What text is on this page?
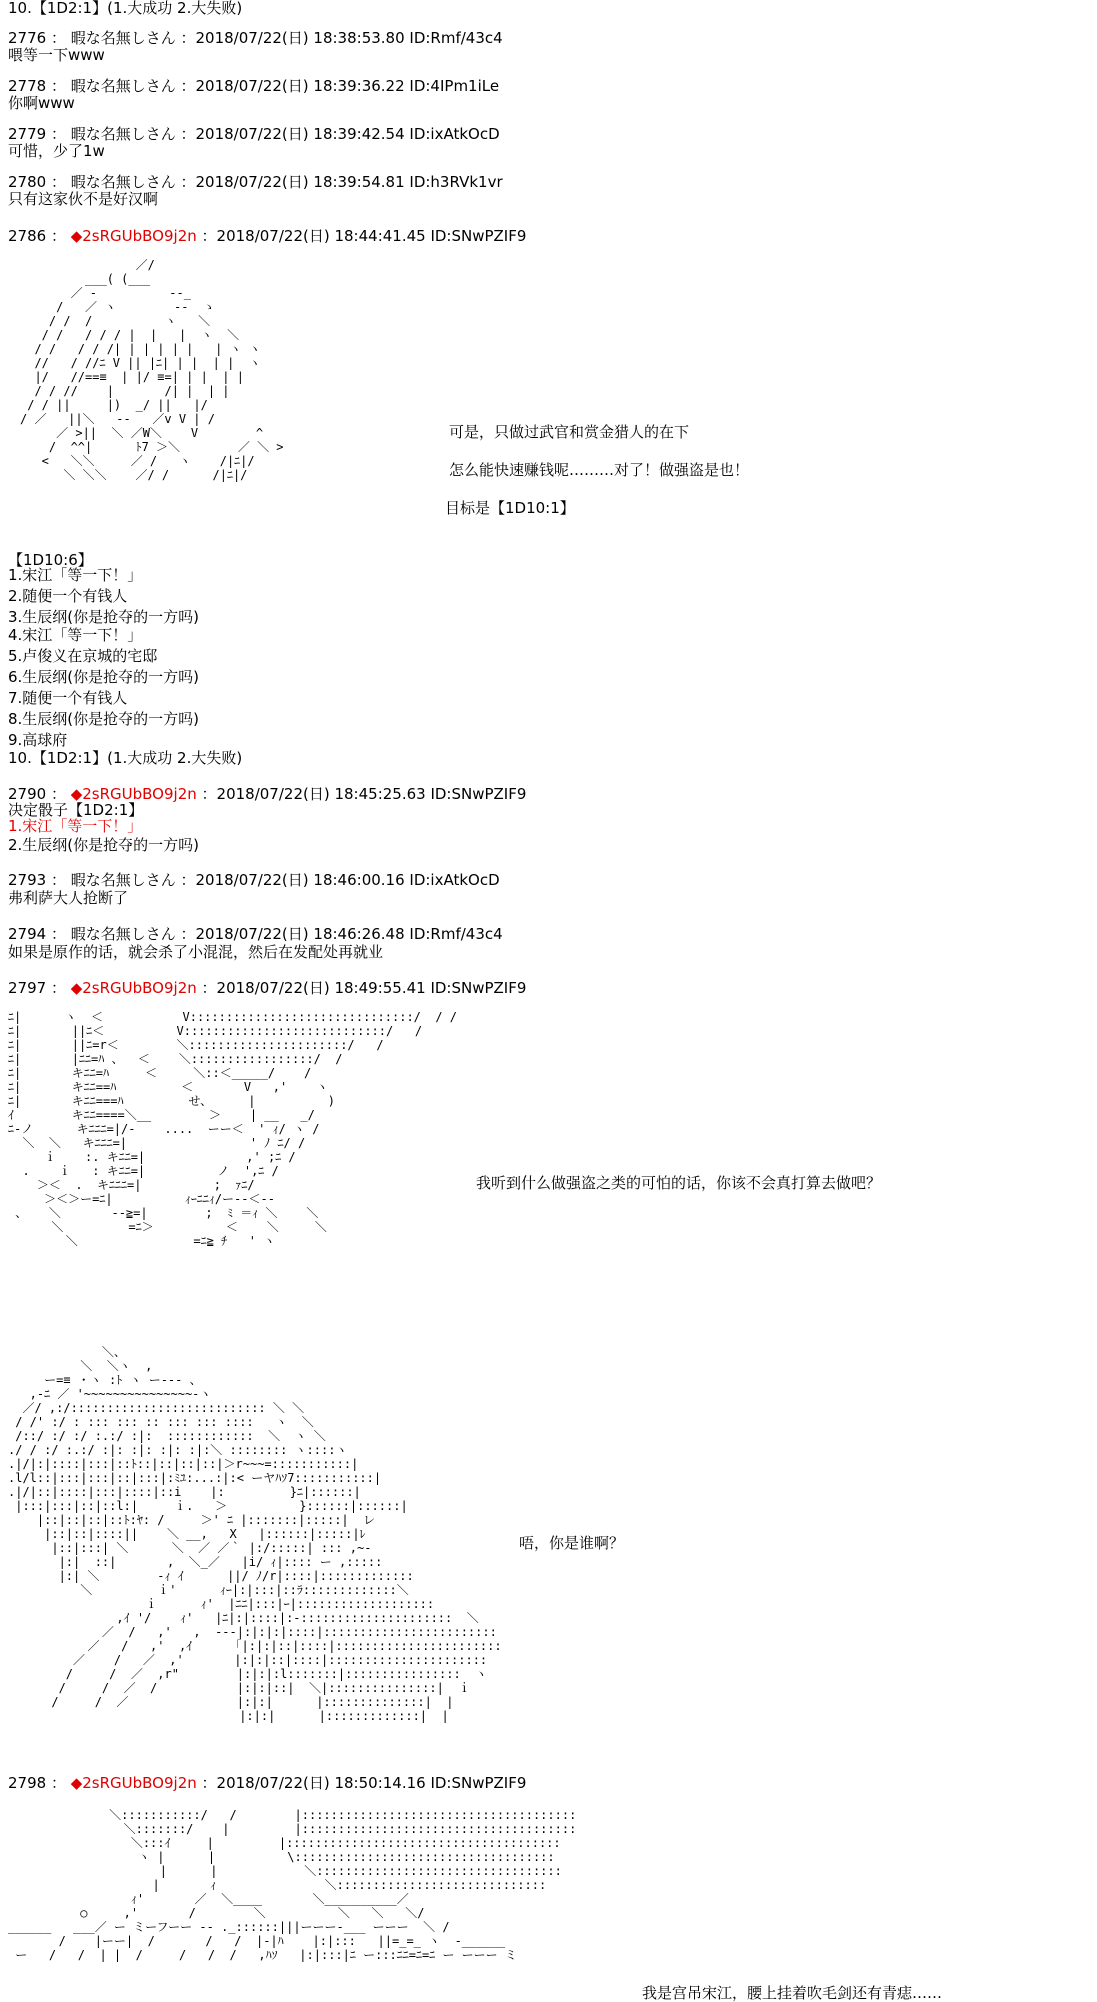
10.【1D2:1】(1.大成功 2.大失败)
2776 ： 暇な名無しさん ：2018/07/22(日) 18:38:53.80 ID:Rmf/43c4
喂等一下www
2778 ： 暇な名無しさん ：2018/07/22(日) 18:39:36.22 ID:4IPm1iLe
你啊www
2779 ： 暇な名無しさん ：2018/07/22(日) 18:39:42.54 ID:ixAtkOcD
可惜，少了1w
2780 ： 暇な名無しさん ：2018/07/22(日) 18:39:54.81 ID:h3RVk1vr
只有这家伙不是好汉啊
2786 ： ◆2sRGUbBO9j2n ：2018/07/22(日) 18:44:41.45 ID:SNwPZIF9
／/
___( (___
／ -          ‐‐_
/   ／ ヽ        ‐‐  ゝ
/ /  /          ヽ   ＼
/ /   / / / |  |   |  ヽ  ＼
/ /   / / /| | | | | |   | ヽ ヽ
//   / //ﾆ V || |ﾆ| | |  | |  ヽ
|/   //==≡  | |/ ≡=| | |  | |
/ / //    |       /| |  | |
/ / ||     |)  _/ ||   |/
/ ／   ||＼   --   ／v V | /
／ >||  ＼ ／W＼    V        ^
/  ^^|      ﾄ7 ＞＼        ／ ＼ >
<   ＼＼     ／ /   ヽ    /|ﾆ|/
＼ ＼＼    ／/ /      /|ﾆ|/

可是，只做过武官和赏金猎人的在下
怎么能快速赚钱呢………对了！做强盗是也！
目标是【1D10:1】
【1D10:6】
1.宋江「等一下！」
2.随便一个有钱人
3.生辰纲(你是抢夺的一方吗)
4.宋江「等一下！」
5.卢俊义在京城的宅邸
6.生辰纲(你是抢夺的一方吗)
7.随便一个有钱人
8.生辰纲(你是抢夺的一方吗)
9.高球府
10.【1D2:1】(1.大成功 2.大失败)
2790 ： ◆2sRGUbBO9j2n ：2018/07/22(日) 18:45:25.63 ID:SNwPZIF9
决定骰子【1D2:1】
1.宋江「等一下！」
2.生辰纲(你是抢夺的一方吗)
2793 ： 暇な名無しさん ：2018/07/22(日) 18:46:00.16 ID:ixAtkOcD
弗利萨大人抢断了
2794 ： 暇な名無しさん ：2018/07/22(日) 18:46:26.48 ID:Rmf/43c4
如果是原作的话，就会杀了小混混，然后在发配处再就业
2797 ： ◆2sRGUbBO9j2n ：2018/07/22(日) 18:49:55.41 ID:SNwPZIF9
ﾆ|      ヽ  ＜           V:::::::::::::::::::::::::::::::/  / /
ﾆ|       ||ﾆ＜          V::::::::::::::::::::::::::::/   /
ﾆ|       ||ﾆ=r＜        ＼::::::::::::::::::::::/   /
ﾆ|       |ﾆﾆ=ﾊ 、  ＜    ＼:::::::::::::::::/  /
ﾆ|       キﾆﾆ=ﾊ     ＜     ＼::＜_____/    /
ﾆ|       キﾆﾆ==ﾊ         ＜       V   ,'    ヽ
ﾆ|       キﾆﾆ===ﾊ         せ、     |          )
ｲ        キﾆﾆ====＼__        ＞    | __   _/
ﾆ-ノ      キﾆﾆﾆ=|/-    ....  ーー＜  ' ｨ/ ヽ /
＼  ＼   キﾆﾆﾆ=|                 ' ﾉ ﾆ/ /
ｉ    :. キﾆﾆ=|              ,' ;ﾆ /
.    ｉ   : キﾆﾆ=|          ノ  ',ﾆ /
＞＜  .  キﾆﾆﾆ=|          ;  ｧﾆ/
＞＜＞ー=ﾆ|          ｨｰﾆﾆｨ/ー‐‐＜--
、   ＼       --≧=|        ;  ﾐ ＝ｨ ＼    ＼
＼         =ﾆ＞          ＜    ＼     ＼
＼                =ﾆ≧ ﾁ   ' ヽ

我听到什么做强盗之类的可怕的话，你该不会真打算去做吧？
＼、
＼  ＼ヽ  ,
ー=≡ ・ヽ :ﾄ ヽ ー--- 、
,-ﾆ ／ '~~~~~~~~~~~~~~~-ヽ
／/ ,:/::::::::::::::::::::::::::: ＼ ＼
/ /' :/ : ::: ::: :: ::: ::: ::::   ヽ  ＼
/::/ :/ :/ :.:/ :|:  ::::::::::::  ＼  ヽ ＼
./ / :/ :.:/ :|: :|: :|: :|:＼ :::::::: ヽ::::ヽ
.|/|:|::::|:::|::ﾄ::|::|::|::|＞r~~~=:::::::::::|
.l/l::|:::|:::|::|:::|:ﾐﾕ:...:|:< ーヤﾊｿ7:::::::::::|
.|/|::|::::|:::|::::|::i    |:         }ﾆ|::::::|
|:::|:::|::|::l:|     ｉ.   ＞          }::::::|::::::|
|::|::|::|::ﾄ:ﾔ: /     ＞' ﾆ |:::::::|:::::|  レ
|::|::|::::||    ＼ __,   X   |::::::|:::::|ﾚ
|::|:::| ＼      ＼  ／ ／｀ |:/:::::| ::: ,~-
|:|  ::|       ,  ＼_／   |i/ ｨ|:::: ー ,:::::
|:| ＼        -ｨ ｲ      ||/ ﾉ/r|::::|:::::::::::::
＼         ｉ'      ｨｰ|:|:::|::ﾗ:::::::::::::＼
ｉ      ｨ'  |ﾆﾆ|:::|ｰ|:::::::::::::::::::
,ｲ '/    ｨ'   |ﾆ|:|::::|:-:::::::::::::::::::::  ＼
／  /   ,'   ,  ---|:|:|:|::::|::::::::::::::::::::::::
／   /   ,'  ,ｲ      ｢|:|:|::|::::|:::::::::::::::::::::::
／    /   ／  ,'       |:|:|::|::::|::::::::::::::::::::::
/     /  ／  ,r"        |:|:|:l:::::::|::::::::::::::::  ヽ
/     /  ／  /           |:|:|::|  ＼|:::::::::::::::|  ｉ
/     /  ／               |:|:|      |::::::::::::::|  |
|:|:|      |:::::::::::::|  |

唔，你是谁啊？
2798 ： ◆2sRGUbBO9j2n ：2018/07/22(日) 18:50:14.16 ID:SNwPZIF9
＼:::::::::::/   /        |::::::::::::::::::::::::::::::::::::::
＼:::::::/    |         |::::::::::::::::::::::::::::::::::::::
＼:::ｲ     |         |::::::::::::::::::::::::::::::::::::::
ヽ |      |          \::::::::::::::::::::::::::::::::::::
|      |            ＼::::::::::::::::::::::::::::::::::
|       ｨ               ＼:::::::::::::::::::::::::::::
ｨ'       ／  ＼____       ＼__________／
○     ,'       /        ＼          ＼   ＼   ＼/
______   ___／ ー ミーフーー -- ._::::::|||ーーー-___ ーーー  ＼ /
/    |ーー|  /       /   /  |-|ﾊ    |:|:::   ||=_=_ ヽ  -______
ー   /   /  | |  /     /   /  /   ,ﾊｿ   |:|:::|ﾆ ー:::ﾆﾆ=ﾆ=ﾆ ー ーーー ミ

我是宫吊宋江，腰上挂着吹毛剑还有青痣……
